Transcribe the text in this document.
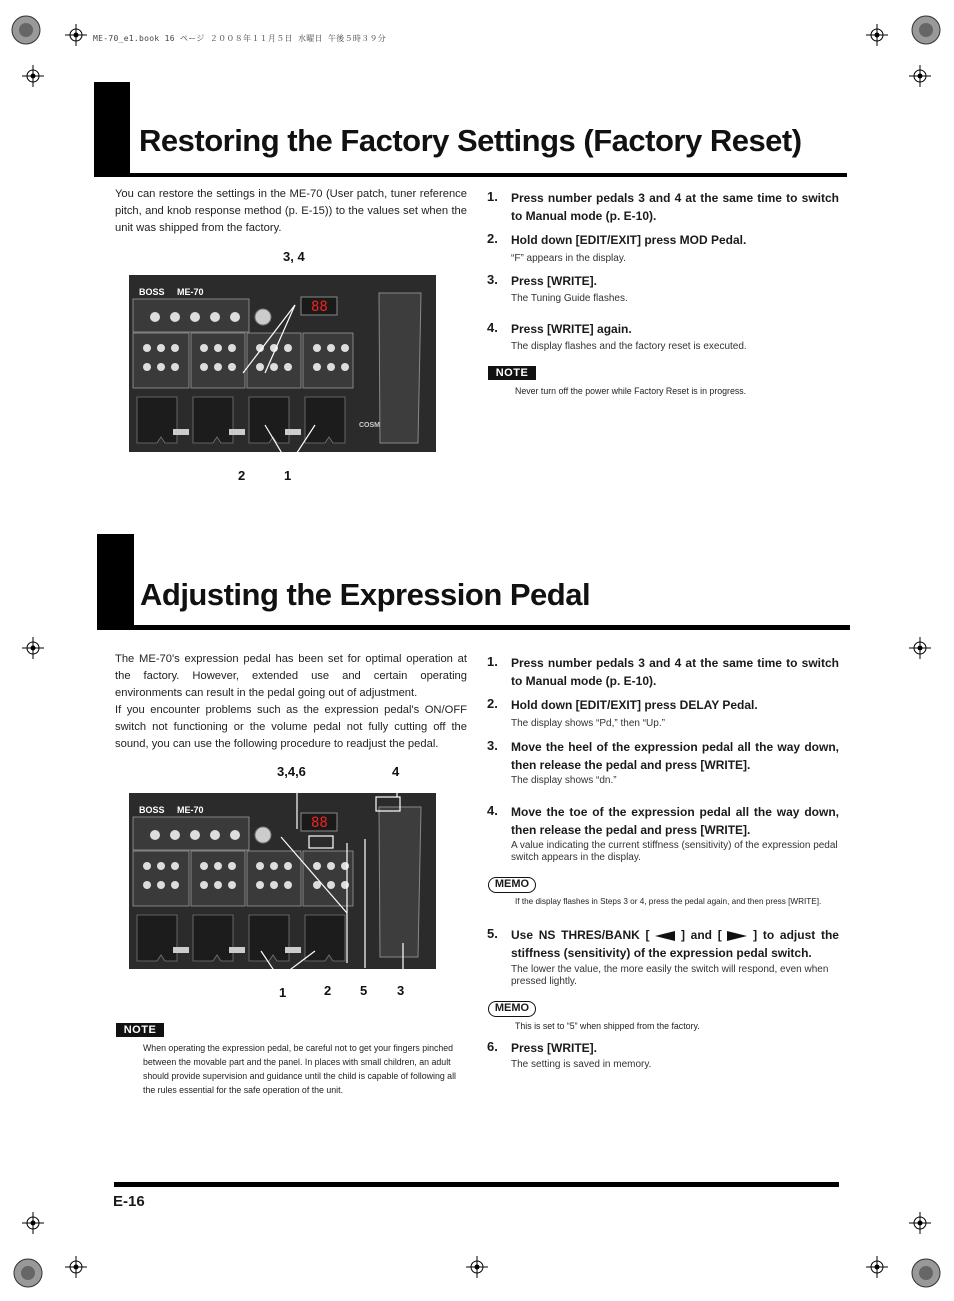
ME-70_e1.book 16 ページ ２００８年１１月５日 水曜日 午後５時３９分
Restoring the Factory Settings (Factory Reset)
You can restore the settings in the ME-70 (User patch, tuner reference pitch, and knob response method (p. E-15)) to the values set when the unit was shipped from the factory.
3, 4
88
COSM
BOSS ME-70
2	1
1. Press number pedals 3 and 4 at the same time to switch to Manual mode (p. E-10).
2. Hold down [EDIT/EXIT] press MOD Pedal.
“F” appears in the display.
3. Press [WRITE].
The Tuning Guide flashes.
4. Press [WRITE] again.
The display flashes and the factory reset is executed.
NOTE
Never turn off the power while Factory Reset is in progress.
Adjusting the Expression Pedal
The ME-70's expression pedal has been set for optimal operation at the factory. However, extended use and certain operating environments can result in the pedal going out of adjustment.
If you encounter problems such as the expression pedal's ON/OFF switch not functioning or the volume pedal not fully cutting off the sound, you can use the following procedure to readjust the pedal.
3,4,6	4
88
BOSS ME-70
1	2 5 3
NOTE
When operating the expression pedal, be careful not to get your fingers pinched between the movable part and the panel. In places with small children, an adult should provide supervision and guidance until the child is capable of following all the rules essential for the safe operation of the unit.
1. Press number pedals 3 and 4 at the same time to switch to Manual mode (p. E-10).
2. Hold down [EDIT/EXIT] press DELAY Pedal.
The display shows “Pd,” then “Up.”
3. Move the heel of the expression pedal all the way down, then release the pedal and press [WRITE].
The display shows “dn.”
4. Move the toe of the expression pedal all the way down, then release the pedal and press [WRITE].
A value indicating the current stiffness (sensitivity) of the expression pedal switch appears in the display.
MEMO
If the display flashes in Steps 3 or 4, press the pedal again, and then press [WRITE].
5. Use NS THRES/BANK [	] and [	] to adjust the stiffness (sensitivity) of the expression pedal switch.
The lower the value, the more easily the switch will respond, even when pressed lightly.
MEMO
This is set to “5” when shipped from the factory.
6. Press [WRITE].
The setting is saved in memory.
E-16
